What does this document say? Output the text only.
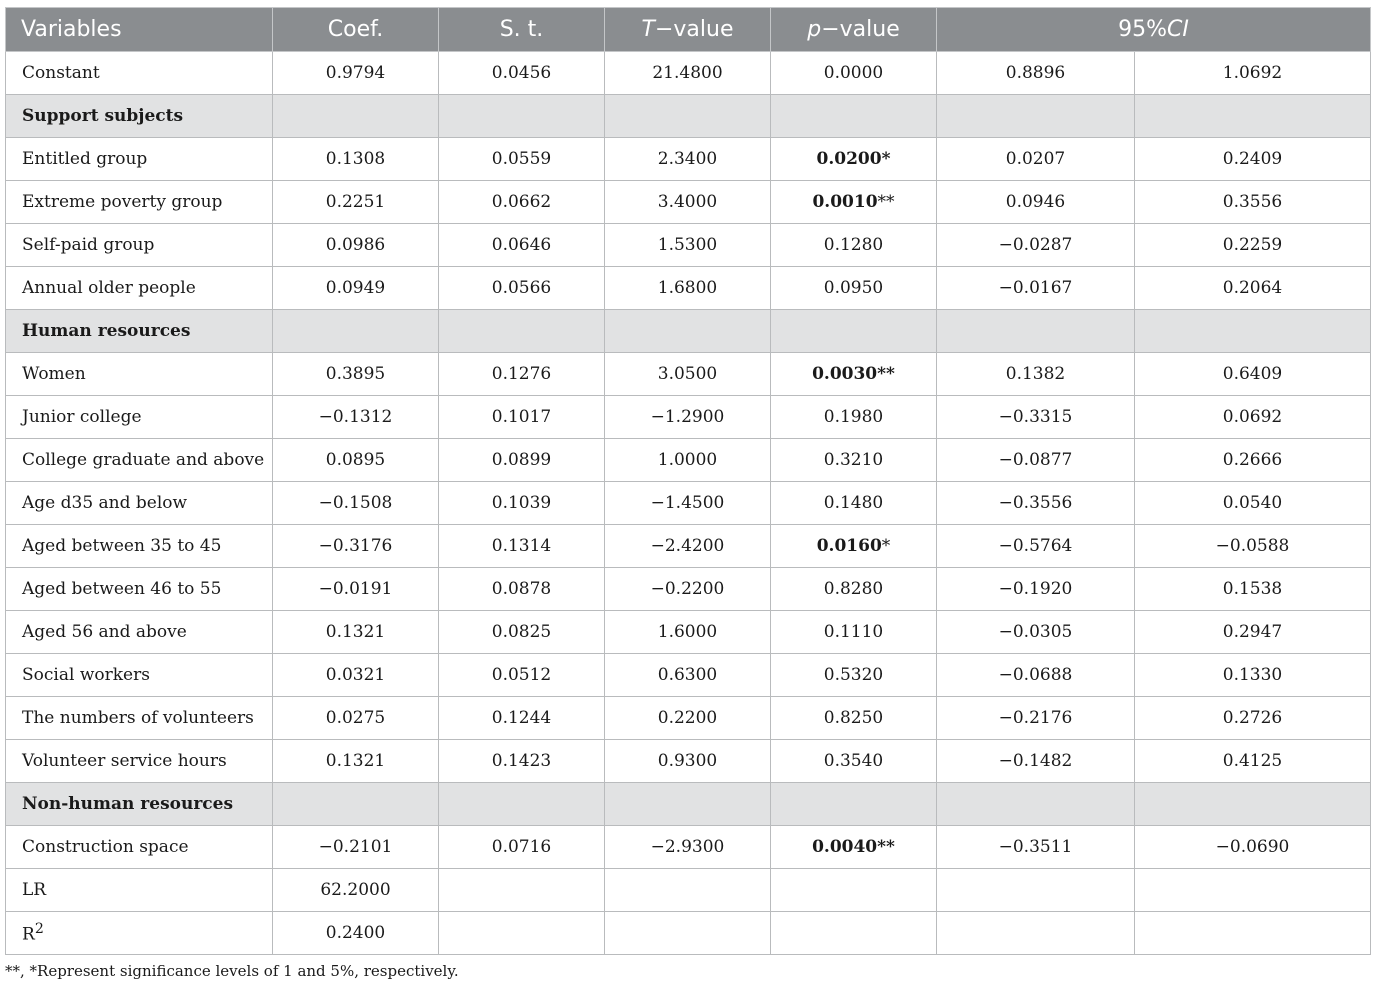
Variables	Coef.	S. t.	T−value	p−value	95%CI	
Constant	0.9794	0.0456	21.4800	0.0000	0.8896	1.0692
Support subjects						
Entitled group	0.1308	0.0559	2.3400	0.0200*	0.0207	0.2409
Extreme poverty group	0.2251	0.0662	3.4000	0.0010**	0.0946	0.3556
Self-paid group	0.0986	0.0646	1.5300	0.1280	−0.0287	0.2259
Annual older people	0.0949	0.0566	1.6800	0.0950	−0.0167	0.2064
Human resources						
Women	0.3895	0.1276	3.0500	0.0030**	0.1382	0.6409
Junior college	−0.1312	0.1017	−1.2900	0.1980	−0.3315	0.0692
College graduate and above	0.0895	0.0899	1.0000	0.3210	−0.0877	0.2666
Age d35 and below	−0.1508	0.1039	−1.4500	0.1480	−0.3556	0.0540
Aged between 35 to 45	−0.3176	0.1314	−2.4200	0.0160*	−0.5764	−0.0588
Aged between 46 to 55	−0.0191	0.0878	−0.2200	0.8280	−0.1920	0.1538
Aged 56 and above	0.1321	0.0825	1.6000	0.1110	−0.0305	0.2947
Social workers	0.0321	0.0512	0.6300	0.5320	−0.0688	0.1330
The numbers of volunteers	0.0275	0.1244	0.2200	0.8250	−0.2176	0.2726
Volunteer service hours	0.1321	0.1423	0.9300	0.3540	−0.1482	0.4125
Non-human resources						
Construction space	−0.2101	0.0716	−2.9300	0.0040**	−0.3511	−0.0690
LR	62.2000					
$R^2$	0.2400					
**, *Represent significance levels of 1 and 5%, respectively.
